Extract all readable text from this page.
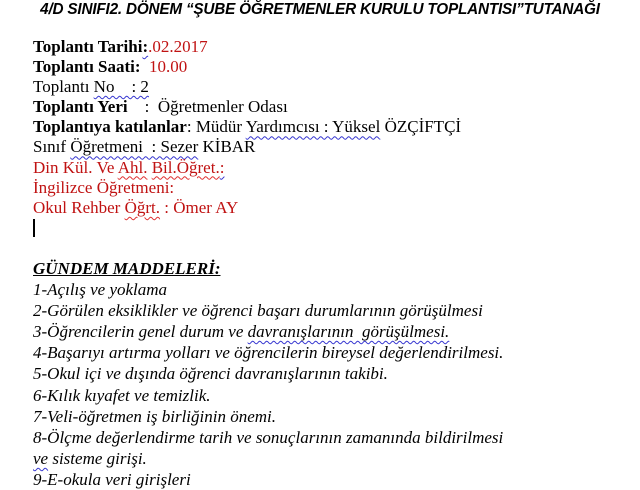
4/D SINIFI2. DÖNEM “ŞUBE ÖĞRETMENLER KURULU TOPLANTISI”TUTANAĞI
Toplantı Tarihi:.02.2017
Toplantı Saati:  10.00
Toplantı No    : 2
Toplantı Yeri    :  Öğretmenler Odası
Toplantıya katılanlar: Müdür Yardımcısı : Yüksel ÖZÇİFTÇİ
Sınıf Öğretmeni  : Sezer KİBAR
Din Kül. Ve Ahl. Bil.Öğret.:
İngilizce Öğretmeni:
Okul Rehber Öğrt. : Ömer AY
GÜNDEM MADDELERİ:
1-Açılış ve yoklama
2-Görülen eksiklikler ve öğrenci başarı durumlarının görüşülmesi
3-Öğrencilerin genel durum ve davranışlarının  görüşülmesi.
4-Başarıyı artırma yolları ve öğrencilerin bireysel değerlendirilmesi.
5-Okul içi ve dışında öğrenci davranışlarının takibi.
6-Kılık kıyafet ve temizlik.
7-Veli-öğretmen iş birliğinin önemi.
8-Ölçme değerlendirme tarih ve sonuçlarının zamanında bildirilmesi
ve sisteme girişi.
9-E-okula veri girişleri
